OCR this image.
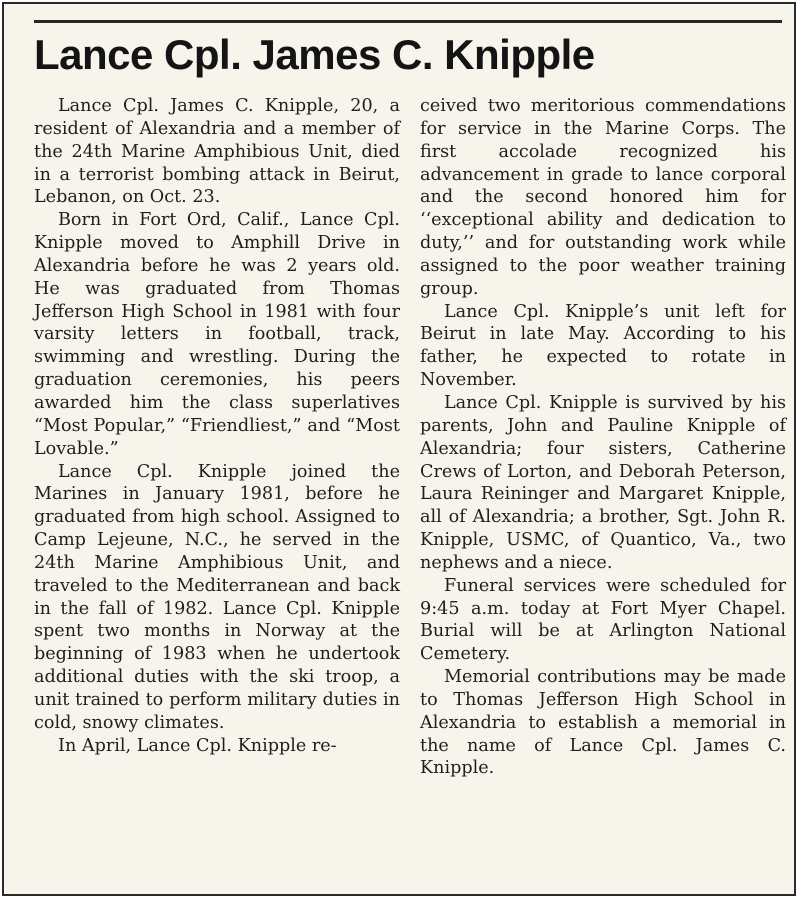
Lance Cpl. James C. Knipple

Lance Cpl. James C. Knipple, 20, a resident of Alexandria and a member of the 24th Marine Amphibious Unit, died in a terrorist bombing attack in Beirut, Lebanon, on Oct. 23.

Born in Fort Ord, Calif., Lance Cpl. Knipple moved to Amphill Drive in Alexandria before he was 2 years old. He was graduated from Thomas Jefferson High School in 1981 with four varsity letters in football, track, swimming and wrestling. During the graduation ceremonies, his peers awarded him the class superlatives “Most Popular,” “Friendliest,” and “Most Lovable.”

Lance Cpl. Knipple joined the Marines in January 1981, before he graduated from high school. Assigned to Camp Lejeune, N.C., he served in the 24th Marine Amphibious Unit, and traveled to the Mediterranean and back in the fall of 1982. Lance Cpl. Knipple spent two months in Norway at the beginning of 1983 when he undertook additional duties with the ski troop, a unit trained to perform military duties in cold, snowy climates.

In April, Lance Cpl. Knipple re-

ceived two meritorious commendations for service in the Marine Corps. The first accolade recognized his advancement in grade to lance corporal and the second honored him for ‘‘exceptional ability and dedication to duty,’’ and for outstanding work while assigned to the poor weather training group.

Lance Cpl. Knipple’s unit left for Beirut in late May. According to his father, he expected to rotate in November.

Lance Cpl. Knipple is survived by his parents, John and Pauline Knipple of Alexandria; four sisters, Catherine Crews of Lorton, and Deborah Peterson, Laura Reininger and Margaret Knipple, all of Alexandria; a brother, Sgt. John R. Knipple, USMC, of Quantico, Va., two nephews and a niece.

Funeral services were scheduled for 9:45 a.m. today at Fort Myer Chapel. Burial will be at Arlington National Cemetery.

Memorial contributions may be made to Thomas Jefferson High School in Alexandria to establish a memorial in the name of Lance Cpl. James C. Knipple.
